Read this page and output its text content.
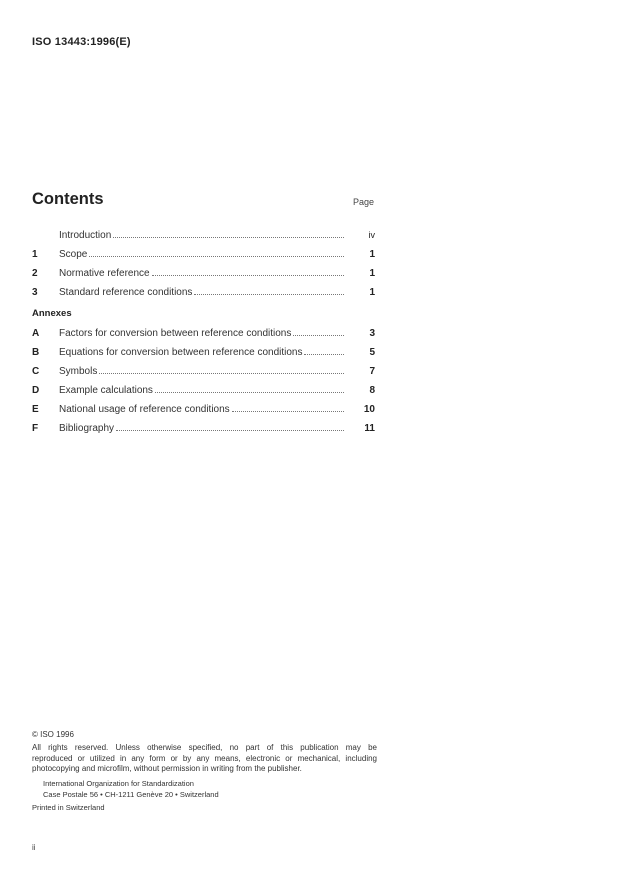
ISO 13443:1996(E)
Contents	Page
Introduction	iv
1	Scope	1
2	Normative reference	1
3	Standard reference conditions	1
A	Factors for conversion between reference conditions	3
B	Equations for conversion between reference conditions	5
C	Symbols	7
D	Example calculations	8
E	National usage of reference conditions	10
F	Bibliography	11
Annexes
© ISO 1996
All rights reserved. Unless otherwise specified, no part of this publication may be
reproduced or utilized in any form or by any means, electronic or mechanical, including
photocopying and microfilm, without permission in writing from the publisher.
International Organization for Standardization
Case Postale 56 • CH-1211 Genève 20 • Switzerland
Printed in Switzerland
ii
